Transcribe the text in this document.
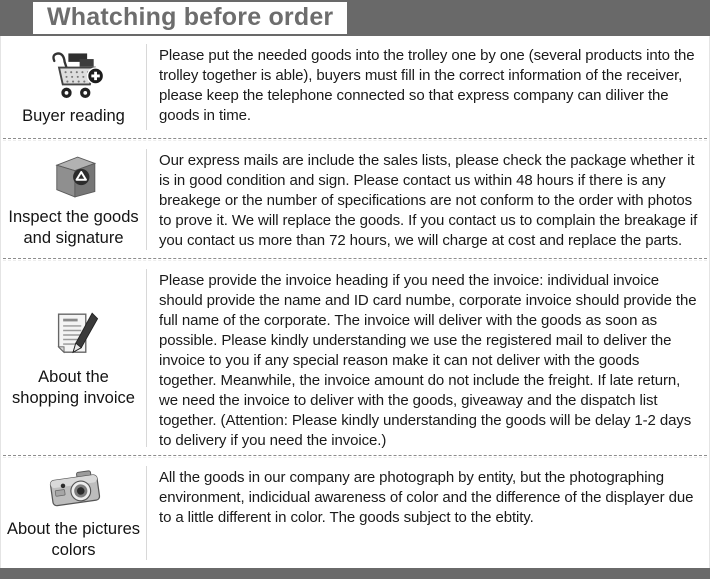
Whatching before order
Buyer reading
Please put the needed goods into the trolley one by one (several products into the trolley together is able), buyers must fill in the correct information of the receiver, please keep the telephone connected so that express company can diliver the goods in time.
Inspect the goods and signature
Our express mails are include the sales lists, please check the package whether it is in good condition and sign. Please contact us within 48 hours if there is any breakege or the number of specifications are not conform to the order with photos to prove it. We will replace the goods. If you contact us to complain the breakage if you contact us more than 72 hours, we will charge at cost and replace the parts.
About the shopping invoice
Please provide the invoice heading if you need the invoice: individual invoice should provide the name and ID card numbe, corporate invoice should provide the full name of the corporate. The invoice will deliver with the goods as soon as possible. Please kindly understanding we use the registered mail to deliver the invoice to you if any special reason make it can not deliver with the goods together. Meanwhile, the invoice amount do not include the freight. If late return, we need the invoice to deliver with the goods, giveaway and the dispatch list together. (Attention: Please kindly understanding the goods will be delay 1-2 days to delivery if you need the invoice.)
About the pictures colors
All the goods in our company are photograph by entity, but the photographing environment, indicidual awareness of color and the difference of the displayer due to a little different in color. The goods subject to the ebtity.
